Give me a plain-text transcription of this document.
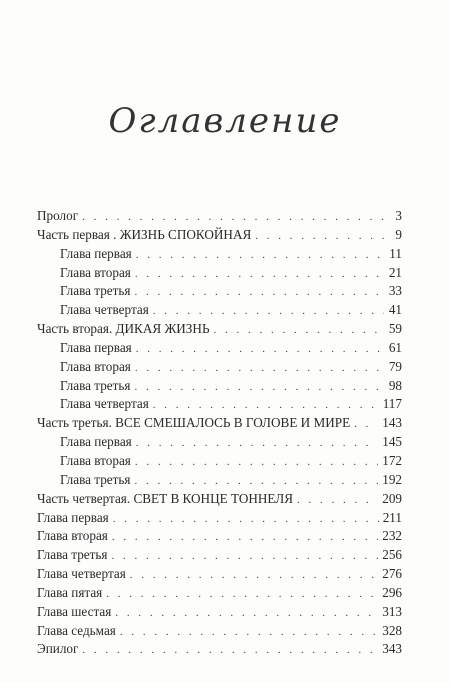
Оглавление
Пролог . . .	3
Часть первая . ЖИЗНЬ СПОКОЙНАЯ . . .	9
Глава первая . . .	11
Глава вторая . . .	21
Глава третья . . .	33
Глава четвертая . . .	41
Часть вторая. ДИКАЯ ЖИЗНЬ . . .	59
Глава первая . . .	61
Глава вторая . . .	79
Глава третья . . .	98
Глава четвертая . . .	117
Часть третья. ВСЕ СМЕШАЛОСЬ В ГОЛОВЕ И МИРЕ . . .	143
Глава первая . . .	145
Глава вторая . . .	172
Глава третья . . .	192
Часть четвертая. СВЕТ В КОНЦЕ ТОННЕЛЯ . . .	209
Глава первая . . .	211
Глава вторая . . .	232
Глава третья . . .	256
Глава четвертая . . .	276
Глава пятая . . .	296
Глава шестая . . .	313
Глава седьмая . . .	328
Эпилог . . .	343
